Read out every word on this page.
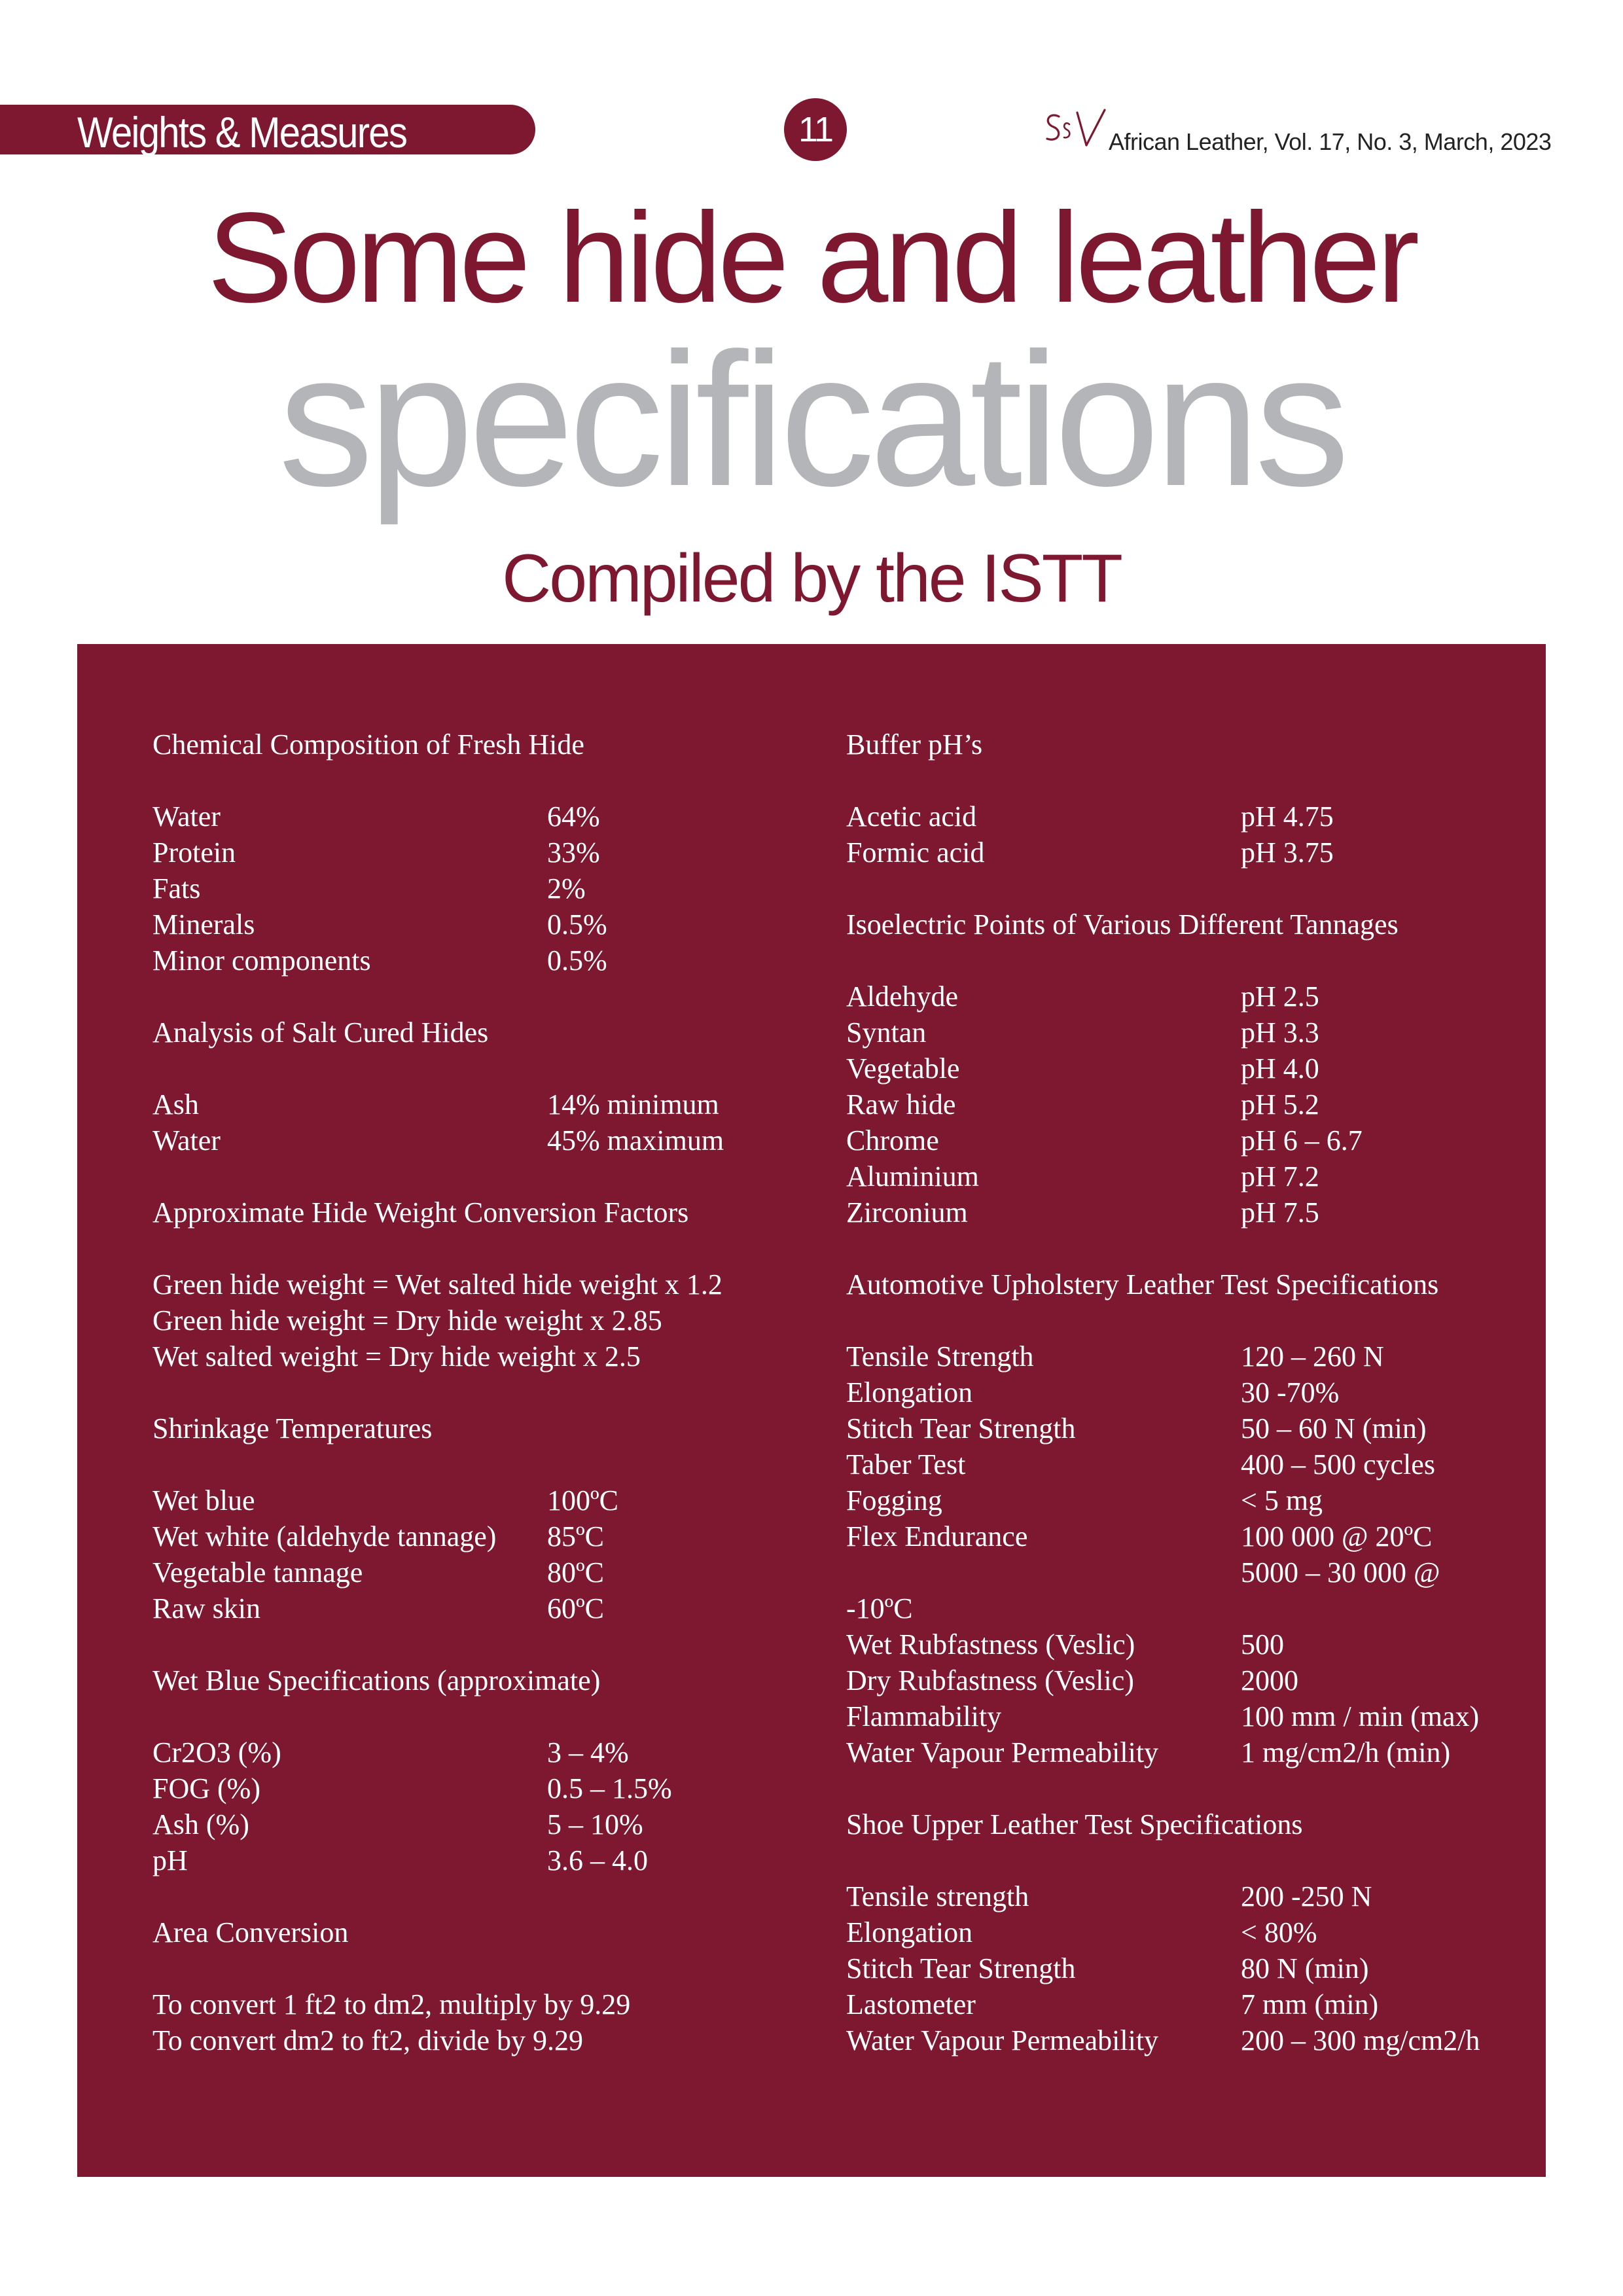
Weights & Measures	11	African Leather, Vol. 17, No. 3, March, 2023
Some hide and leather
specifications
Compiled by the ISTT
Chemical Composition of Fresh Hide
Water	64%
Protein	33%
Fats	2%
Minerals	0.5%
Minor components	0.5%
Analysis of Salt Cured Hides
Ash	14% minimum
Water	45% maximum
Approximate Hide Weight Conversion Factors
Green hide weight = Wet salted hide weight x 1.2
Green hide weight = Dry hide weight x 2.85
Wet salted weight = Dry hide weight x 2.5
Shrinkage Temperatures
Wet blue	100ºC
Wet white (aldehyde tannage) 85ºC
Vegetable tannage	80ºC
Raw skin	60ºC
Wet Blue Specifications (approximate)
Cr2O3 (%)	3 – 4%
FOG (%)	0.5 – 1.5%
Ash (%)	5 – 10%
pH	3.6 – 4.0
Area Conversion
To convert 1 ft2 to dm2, multiply by 9.29
To convert dm2 to ft2, divide by 9.29
Buffer pH’s
Acetic acid	pH 4.75
Formic acid	pH 3.75
Isoelectric Points of Various Different Tannages
Aldehyde	pH 2.5
Syntan	pH 3.3
Vegetable	pH 4.0
Raw hide	pH 5.2
Chrome	pH 6 – 6.7
Aluminium	pH 7.2
Zirconium	pH 7.5
Automotive Upholstery Leather Test Specifications
Tensile Strength	120 – 260 N
Elongation	30 -70%
Stitch Tear Strength	50 – 60 N (min)
Taber Test	400 – 500 cycles
Fogging	< 5 mg
Flex Endurance	100 000 @ 20ºC
5000 – 30 000 @
-10ºC
Wet Rubfastness (Veslic)	500
Dry Rubfastness (Veslic)	2000
Flammability	100 mm / min (max)
Water Vapour Permeability	1 mg/cm2/h (min)
Shoe Upper Leather Test Specifications
Tensile strength	200 -250 N
Elongation	< 80%
Stitch Tear Strength	80 N (min)
Lastometer	7 mm (min)
Water Vapour Permeability	200 – 300 mg/cm2/h
